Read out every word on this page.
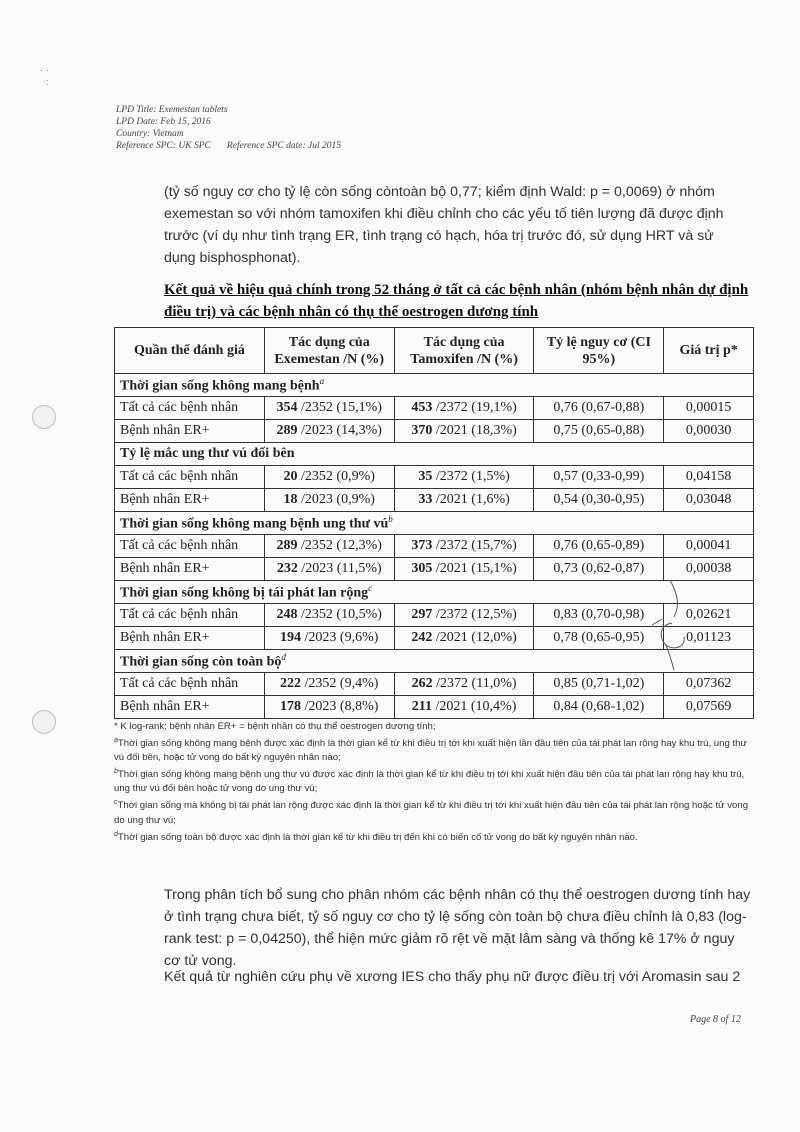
· ·
·:
LPD Title: Exemestan tablets
LPD Date: Feb 15, 2016
Country: Vietnam
Reference SPC: UK SPC Reference SPC date: Jul 2015
(tỷ số nguy cơ cho tỷ lệ còn sống còntoàn bộ 0,77; kiểm định Wald: p = 0,0069) ở nhóm exemestan so với nhóm tamoxifen khi điều chỉnh cho các yếu tố tiên lượng đã được định trước (ví dụ như tình trạng ER, tình trạng có hạch, hóa trị trước đó, sử dụng HRT và sử dụng bisphosphonat).
Kết quả về hiệu quả chính trong 52 tháng ở tất cả các bệnh nhân (nhóm bệnh nhân dự định điều trị) và các bệnh nhân có thụ thể oestrogen dương tính
Quần thể đánh giá	Tác dụng của Exemestan /N (%)	Tác dụng của Tamoxifen /N (%)	Tỷ lệ nguy cơ (CI 95%)	Giá trị p*
Thời gian sống không mang bệnh$^a$
Tất cả các bệnh nhân	354 /2352 (15,1%)	453 /2372 (19,1%)	0,76 (0,67-0,88)	0,00015
Bệnh nhân ER+	289 /2023 (14,3%)	370 /2021 (18,3%)	0,75 (0,65-0,88)	0,00030
Tỷ lệ mắc ung thư vú đối bên				
Tất cả các bệnh nhân	20 /2352 (0,9%)	35 /2372 (1,5%)	0,57 (0,33-0,99)	0,04158
Bệnh nhân ER+	18 /2023 (0,9%)	33 /2021 (1,6%)	0,54 (0,30-0,95)	0,03048
Thời gian sống không mang bệnh ung thư $vú^b$
Tất cả các bệnh nhân	289 /2352 (12,3%)	373 /2372 (15,7%)	0,76 (0,65-0,89)	0,00041
Bệnh nhân ER+	232 /2023 (11,5%)	305 /2021 (15,1%)	0,73 (0,62-0,87)	0,00038
Thời gian sống không bị tái phát lan rộng$^c$
Tất cả các bệnh nhân	248 /2352 (10,5%)	297 /2372 (12,5%)	0,83 (0,70-0,98)	0,02621
Bệnh nhân ER+	194 /2023 (9,6%)	242 /2021 (12,0%)	0,78 (0,65-0,95)	0,01123
Thời gian sống còn toàn bộ$^d$
Tất cả các bệnh nhân	222 /2352 (9,4%)	262 /2372 (11,0%)	0,85 (0,71-1,02)	0,07362
Bệnh nhân ER+	178 /2023 (8,8%)	211 /2021 (10,4%)	0,84 (0,68-1,02)	0,07569
* K log-rank; bệnh nhân ER+ = bệnh nhân có thụ thể oestrogen dương tính;
$^a$Thời gian sống không mang bệnh được xác định là thời gian kể từ khi điều trị tới khi xuất hiện lần đầu tiên của tái phát lan rộng hay khu trú, ung thư vú đối bên, hoặc tử vong do bất kỳ nguyên nhân nào;
$^b$Thời gian sống không mang bệnh ung thư vú được xác định là thời gian kể từ khi điều trị tới khi xuất hiện đầu tiên của tái phát lan rộng hay khu trú, ung thư vú đối bên hoặc tử vong do ung thư vú;
$^c$Thời gian sống mà không bị tái phát lan rộng được xác định là thời gian kể từ khi điều trị tới khi xuất hiện đầu tiên của tái phát lan rộng hoặc tử vong do ung thư vú;
$^d$Thời gian sống toàn bộ được xác định là thời gian kể từ khi điều trị đến khi có biến cố tử vong do bất kỳ nguyên nhân nào.
Trong phân tích bổ sung cho phân nhóm các bệnh nhân có thụ thể oestrogen dương tính hay ở tình trạng chưa biết, tỷ số nguy cơ cho tỷ lệ sống còn toàn bộ chưa điều chỉnh là 0,83 (log-rank test: p = 0,04250), thể hiện mức giảm rõ rệt về mặt lâm sàng và thống kê 17% ở nguy cơ tử vong.
Kết quả từ nghiên cứu phụ về xương IES cho thấy phụ nữ được điều trị với Aromasin sau 2
Page 8 of 12
